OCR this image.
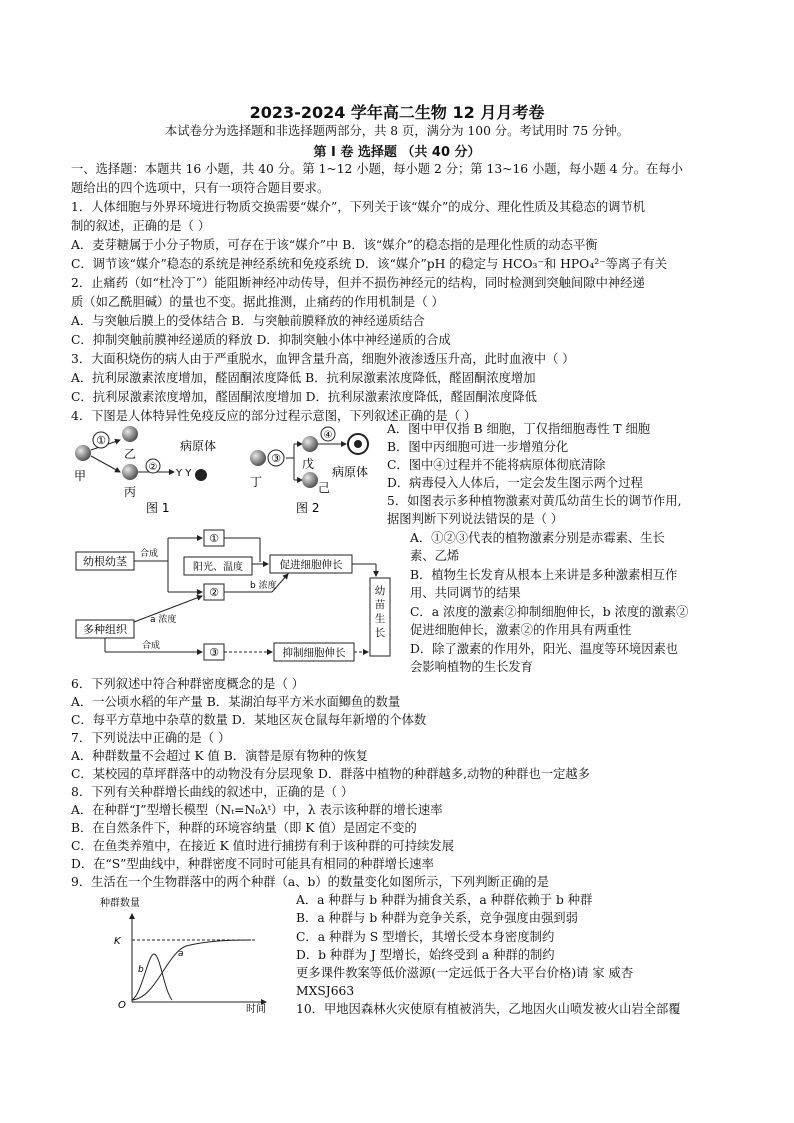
2023-2024 学年高二生物 12 月月考卷
本试卷分为选择题和非选择题两部分，共 8 页，满分为 100 分。考试用时 75 分钟。
第 I 卷 选择题 （共 40 分）
一、选择题：本题共 16 小题，共 40 分。第 1~12 小题，每小题 2 分；第 13~16 小题，每小题 4 分。在每小
题给出的四个选项中，只有一项符合题目要求。
1．人体细胞与外界环境进行物质交换需要“媒介”，下列关于该“媒介”的成分、理化性质及其稳态的调节机
制的叙述，正确的是（ ）
A．麦芽糖属于小分子物质，可存在于该“媒介”中 B．该“媒介”的稳态指的是理化性质的动态平衡
C．调节该“媒介”稳态的系统是神经系统和免疫系统 D．该“媒介”pH 的稳定与 HCO₃⁻和 HPO₄²⁻等离子有关
2．止痛药（如“杜冷丁”）能阻断神经冲动传导，但并不损伤神经元的结构，同时检测到突触间隙中神经递
质（如乙酰胆碱）的量也不变。据此推测，止痛药的作用机制是（ ）
A．与突触后膜上的受体结合 B．与突触前膜释放的神经递质结合
C．抑制突触前膜神经递质的释放 D．抑制突触小体中神经递质的合成
3．大面积烧伤的病人由于严重脱水，血钾含量升高，细胞外液渗透压升高，此时血液中（ ）
A．抗利尿激素浓度增加，醛固酮浓度降低 B．抗利尿激素浓度降低，醛固酮浓度增加
C．抗利尿激素浓度增加，醛固酮浓度增加 D．抗利尿激素浓度降低，醛固酮浓度降低
4．下图是人体特异性免疫反应的部分过程示意图，下列叙述正确的是（ ）
①
甲
乙
丙
②
Y Y
病原体
图 1
丁
③ 戊
己
④
病原体
图 2
A．图中甲仅指 B 细胞，丁仅指细胞毒性 T 细胞
B．图中丙细胞可进一步增殖分化
C．图中④过程并不能将病原体彻底清除
D．病毒侵入人体后，一定会发生图示两个过程
5．如图表示多种植物激素对黄瓜幼苗生长的调节作用,
据图判断下列说法错误的是（ ）
A．①②③代表的植物激素分别是赤霉素、生长
素、乙烯
B．植物生长发育从根本上来讲是多种激素相互作
用、共同调节的结果
C．a 浓度的激素②抑制细胞伸长，b 浓度的激素②
促进细胞伸长，激素②的作用具有两重性
D．除了激素的作用外，阳光、温度等环境因素也
会影响植物的生长发育
幼根幼茎
合成
①
②
阳光、温度	促进细胞伸长
b 浓度	幼苗生长
多种组织
a 浓度
合成	③	抑制细胞伸长
6．下列叙述中符合种群密度概念的是（ ）
A．一公顷水稻的年产量 B．某湖泊每平方米水面鲫鱼的数量
C．每平方草地中杂草的数量 D．某地区灰仓鼠每年新增的个体数
7．下列说法中正确的是（ ）
A．种群数量不会超过 K 值 B．演替是原有物种的恢复
C．某校园的草坪群落中的动物没有分层现象 D．群落中植物的种群越多,动物的种群也一定越多
8．下列有关种群增长曲线的叙述中，正确的是（ ）
A．在种群“J”型增长模型（Nₜ=N₀λᵗ）中，λ 表示该种群的增长速率
B．在自然条件下，种群的环境容纳量（即 K 值）是固定不变的
C．在鱼类养殖中，在接近 K 值时进行捕捞有利于该种群的可持续发展
D．在“S”型曲线中，种群密度不同时可能具有相同的种群增长速率
9．生活在一个生物群落中的两个种群（a、b）的数量变化如图所示，下列判断正确的是
种群数量
K
O	时间
a
b
A．a 种群与 b 种群为捕食关系，a 种群依赖于 b 种群
B．a 种群与 b 种群为竞争关系，竞争强度由强到弱
C．a 种群为 S 型增长，其增长受本身密度制约
D．b 种群为 J 型增长，始终受到 a 种群的制约
更多课件教案等低价滋源(一定远低于各大平台价格)请 家 威杏
MXSJ663
10．甲地因森林火灾使原有植被消失，乙地因火山喷发被火山岩全部覆
